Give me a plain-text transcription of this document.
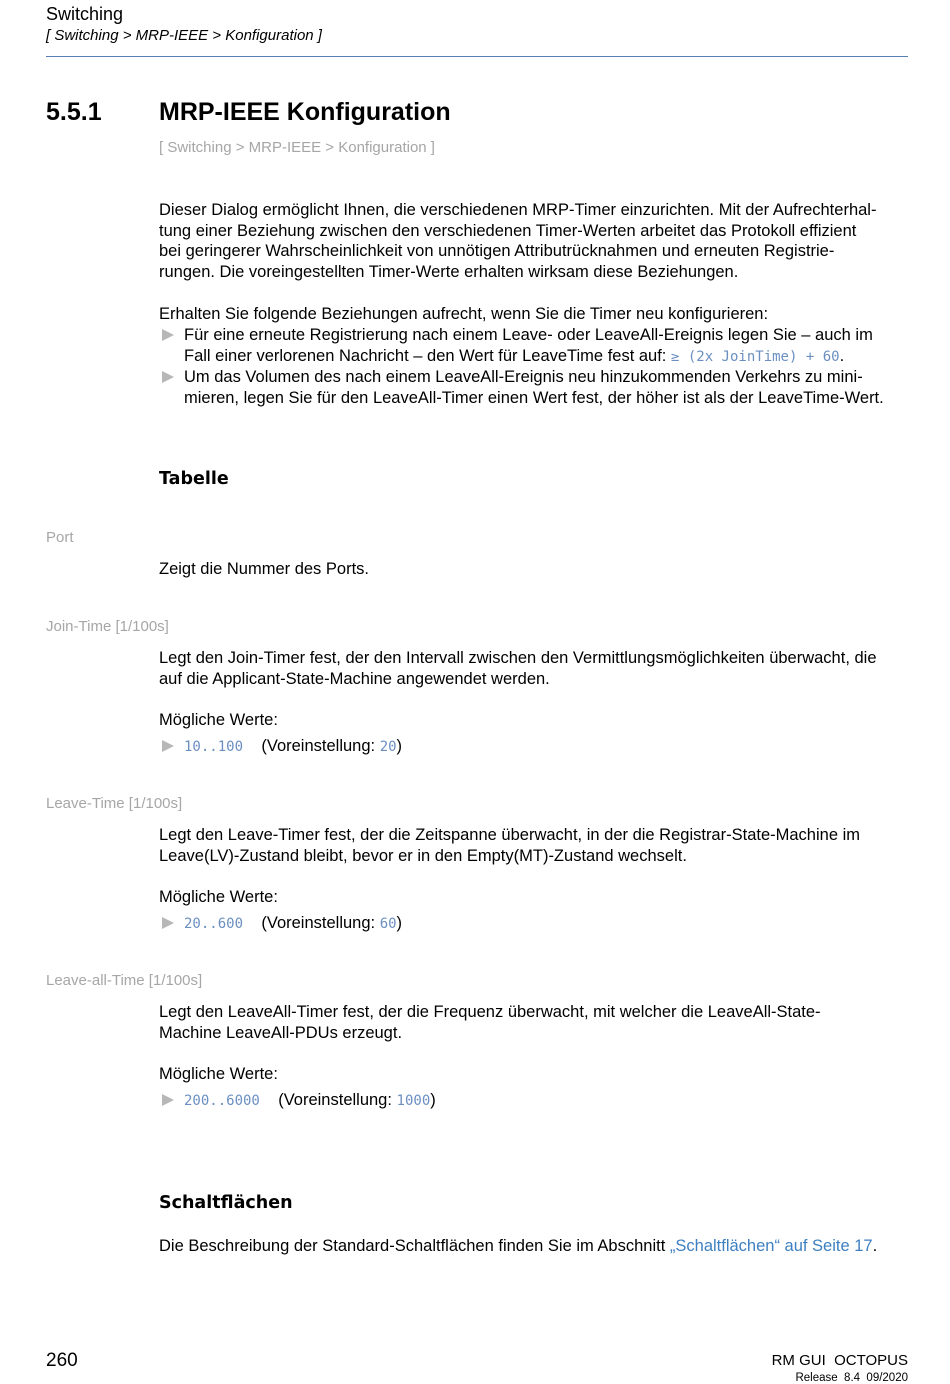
Switching
[ Switching > MRP-IEEE > Konfiguration ]
5.5.1 MRP-IEEE Konfiguration
[ Switching > MRP-IEEE > Konfiguration ]
Dieser Dialog ermöglicht Ihnen, die verschiedenen MRP-Timer einzurichten. Mit der Aufrechterhal-
tung einer Beziehung zwischen den verschiedenen Timer-Werten arbeitet das Protokoll effizient
bei geringerer Wahrscheinlichkeit von unnötigen Attributrücknahmen und erneuten Registrie-
rungen. Die voreingestellten Timer-Werte erhalten wirksam diese Beziehungen.
Erhalten Sie folgende Beziehungen aufrecht, wenn Sie die Timer neu konfigurieren:
Für eine erneute Registrierung nach einem Leave- oder LeaveAll-Ereignis legen Sie – auch im
Fall einer verlorenen Nachricht – den Wert für LeaveTime fest auf: ≥ (2x JoinTime) + 60.
Um das Volumen des nach einem LeaveAll-Ereignis neu hinzukommenden Verkehrs zu mini-
mieren, legen Sie für den LeaveAll-Timer einen Wert fest, der höher ist als der LeaveTime-Wert.
Tabelle
Port
Zeigt die Nummer des Ports.
Join-Time [1/100s]
Legt den Join-Timer fest, der den Intervall zwischen den Vermittlungsmöglichkeiten überwacht, die
auf die Applicant-State-Machine angewendet werden.
Mögliche Werte:
10..100 (Voreinstellung: 20)
Leave-Time [1/100s]
Legt den Leave-Timer fest, der die Zeitspanne überwacht, in der die Registrar-State-Machine im
Leave(LV)-Zustand bleibt, bevor er in den Empty(MT)-Zustand wechselt.
Mögliche Werte:
20..600 (Voreinstellung: 60)
Leave-all-Time [1/100s]
Legt den LeaveAll-Timer fest, der die Frequenz überwacht, mit welcher die LeaveAll-State-
Machine LeaveAll-PDUs erzeugt.
Mögliche Werte:
200..6000 (Voreinstellung: 1000)
Schaltflächen
Die Beschreibung der Standard-Schaltflächen finden Sie im Abschnitt „Schaltflächen“ auf Seite 17.
260	RM GUI  OCTOPUS
Release  8.4  09/2020
